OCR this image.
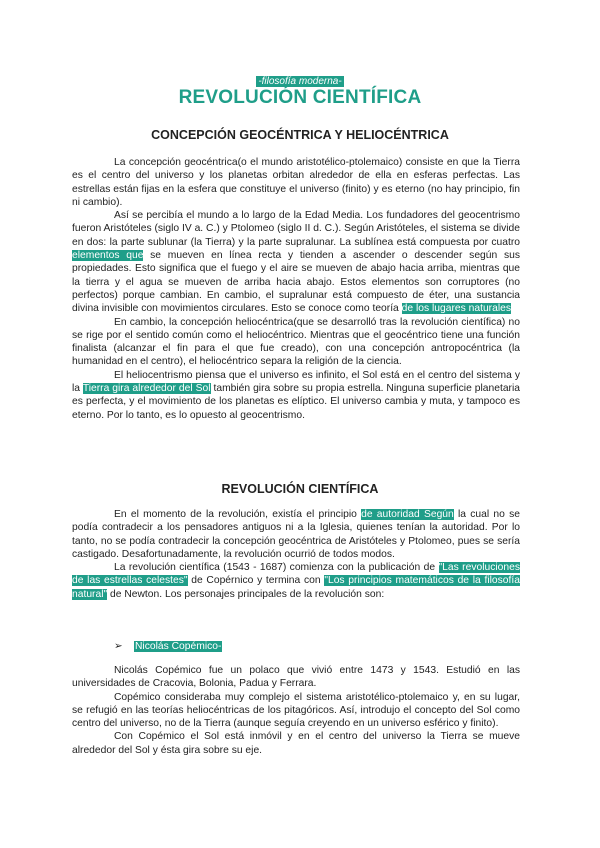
-filosofía moderna-
REVOLUCIÓN CIENTÍFICA
CONCEPCIÓN GEOCÉNTRICA Y HELIOCÉNTRICA

La concepción geocéntrica(o el mundo aristotélico-ptolemaico) consiste en que la Tierra es el centro del universo y los planetas orbitan alrededor de ella en esferas perfectas. Las estrellas están fijas en la esfera que constituye el universo (finito) y es eterno (no hay principio, fin ni cambio).

Así se percibía el mundo a lo largo de la Edad Media. Los fundadores del geocentrismo fueron Aristóteles (siglo IV a. C.) y Ptolomeo (siglo II d. C.). Según Aristóteles, el sistema se divide en dos: la parte sublunar (la Tierra) y la parte supralunar. La sublínea está compuesta por cuatro elementos que se mueven en línea recta y tienden a ascender o descender según sus propiedades. Esto significa que el fuego y el aire se mueven de abajo hacia arriba, mientras que la tierra y el agua se mueven de arriba hacia abajo. Estos elementos son corruptores (no perfectos) porque cambian. En cambio, el supralunar está compuesto de éter, una sustancia divina invisible con movimientos circulares. Esto se conoce como teoría de los lugares naturales

En cambio, la concepción heliocéntrica(que se desarrolló tras la revolución científica) no se rige por el sentido común como el heliocéntrico. Mientras que el geocéntrico tiene una función finalista (alcanzar el fin para el que fue creado), con una concepción antropocéntrica (la humanidad en el centro), el heliocéntrico separa la religión de la ciencia.

El heliocentrismo piensa que el universo es infinito, el Sol está en el centro del sistema y la Tierra gira alrededor del Sol también gira sobre su propia estrella. Ninguna superficie planetaria es perfecta, y el movimiento de los planetas es elíptico. El universo cambia y muta, y tampoco es eterno. Por lo tanto, es lo opuesto al geocentrismo.

REVOLUCIÓN CIENTÍFICA

En el momento de la revolución, existía el principio de autoridad Según la cual no se podía contradecir a los pensadores antiguos ni a la Iglesia, quienes tenían la autoridad. Por lo tanto, no se podía contradecir la concepción geocéntrica de Aristóteles y Ptolomeo, pues se sería castigado. Desafortunadamente, la revolución ocurrió de todos modos.

La revolución científica (1543 - 1687) comienza con la publicación de "Las revoluciones de las estrellas celestes" de Copérnico y termina con "Los principios matemáticos de la filosofía natural" de Newton. Los personajes principales de la revolución son:

➢ Nicolás Copémico-

Nicolás Copémico fue un polaco que vivió entre 1473 y 1543. Estudió en las universidades de Cracovia, Bolonia, Padua y Ferrara.

Copémico consideraba muy complejo el sistema aristotélico-ptolemaico y, en su lugar, se refugió en las teorías heliocéntricas de los pitagóricos. Así, introdujo el concepto del Sol como centro del universo, no de la Tierra (aunque seguía creyendo en un universo esférico y finito).

Con Copémico el Sol está inmóvil y en el centro del universo la Tierra se mueve alrededor del Sol y ésta gira sobre su eje.
